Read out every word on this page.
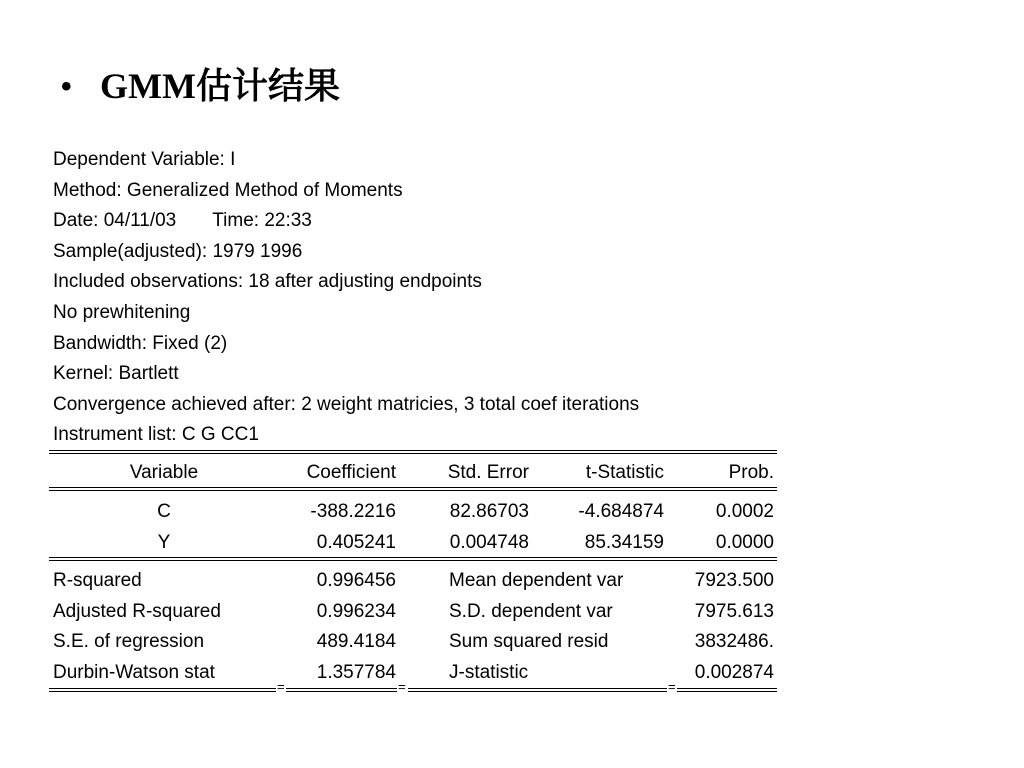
• GMM估计结果
Dependent Variable: I
Method: Generalized Method of Moments
Date: 04/11/03 Time: 22:33
Sample(adjusted): 1979 1996
Included observations: 18 after adjusting endpoints
No prewhitening
Bandwidth: Fixed (2)
Kernel: Bartlett
Convergence achieved after: 2 weight matricies, 3 total coef iterations
Instrument list: C G CC1
Variable	Coefficient	Std. Error	t-Statistic	Prob.
C	-388.2216	82.86703	-4.684874	0.0002
Y	0.405241	0.004748	85.34159	0.0000
R-squared	0.996456	Mean dependent var	7923.500
Adjusted R-squared	0.996234	S.D. dependent var	7975.613
S.E. of regression	489.4184	Sum squared resid	3832486.
Durbin-Watson stat	1.357784	J-statistic	0.002874
=	=	=
